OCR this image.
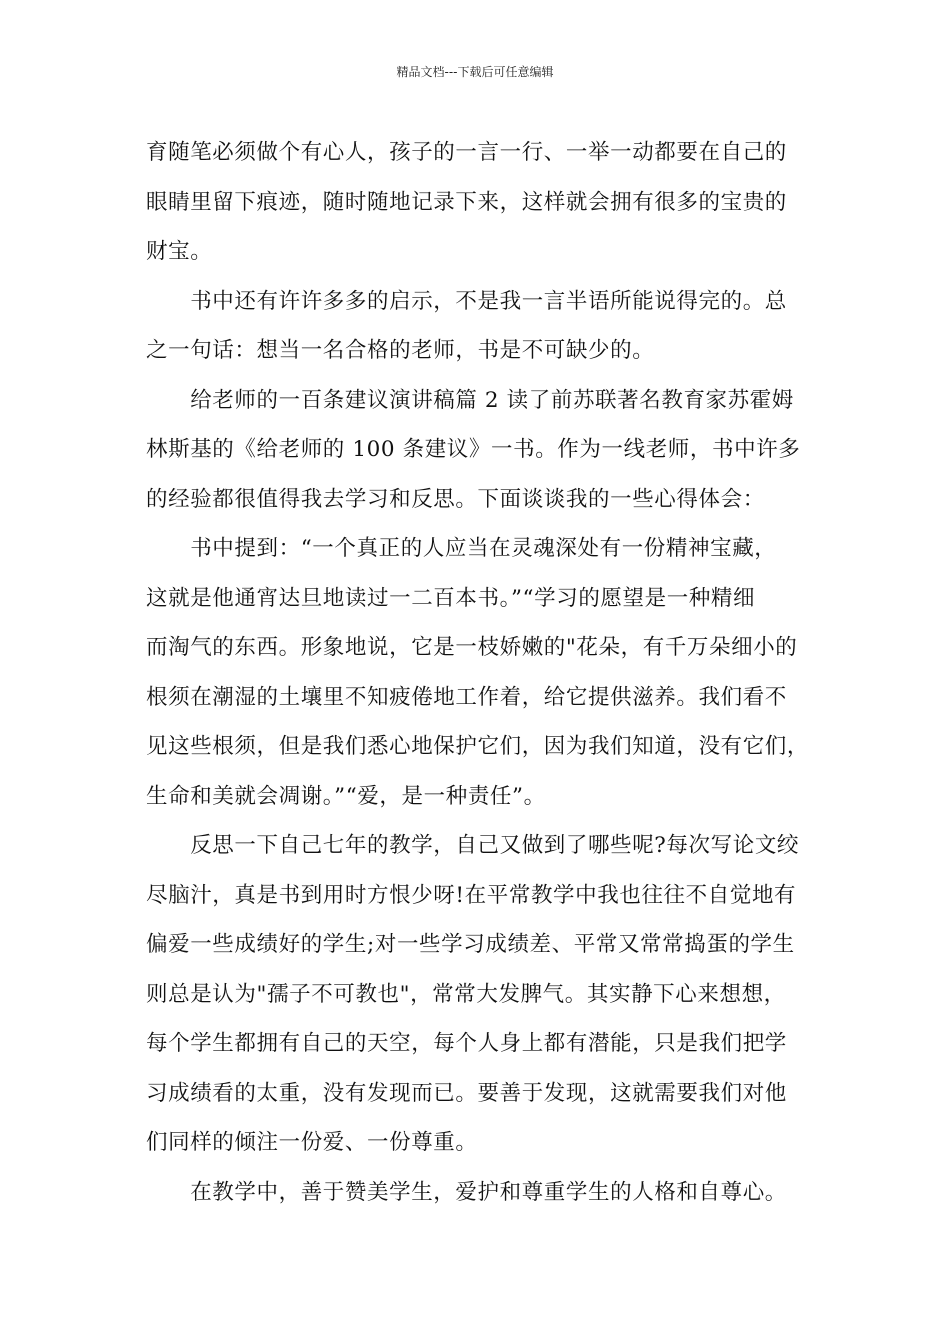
精品文档---下载后可任意编辑
育随笔必须做个有心人，孩子的一言一行、一举一动都要在自己的
眼睛里留下痕迹，随时随地记录下来，这样就会拥有很多的宝贵的
财宝。
　　书中还有许许多多的启示，不是我一言半语所能说得完的。总
之一句话：想当一名合格的老师，书是不可缺少的。
　　给老师的一百条建议演讲稿篇 2 读了前苏联著名教育家苏霍姆
林斯基的《给老师的 100 条建议》一书。作为一线老师，书中许多
的经验都很值得我去学习和反思。下面谈谈我的一些心得体会：
　　书中提到：“一个真正的人应当在灵魂深处有一份精神宝藏，
这就是他通宵达旦地读过一二百本书。”“学习的愿望是一种精细
而淘气的东西。形象地说，它是一枝娇嫩的"花朵，有千万朵细小的
根须在潮湿的土壤里不知疲倦地工作着，给它提供滋养。我们看不
见这些根须，但是我们悉心地保护它们，因为我们知道，没有它们，
生命和美就会凋谢。”“爱，是一种责任”。
　　反思一下自己七年的教学，自己又做到了哪些呢?每次写论文绞
尽脑汁，真是书到用时方恨少呀!在平常教学中我也往往不自觉地有
偏爱一些成绩好的学生;对一些学习成绩差、平常又常常捣蛋的学生
则总是认为"孺子不可教也"，常常大发脾气。其实静下心来想想，
每个学生都拥有自己的天空，每个人身上都有潜能，只是我们把学
习成绩看的太重，没有发现而已。要善于发现，这就需要我们对他
们同样的倾注一份爱、一份尊重。
　　在教学中，善于赞美学生，爱护和尊重学生的人格和自尊心。
